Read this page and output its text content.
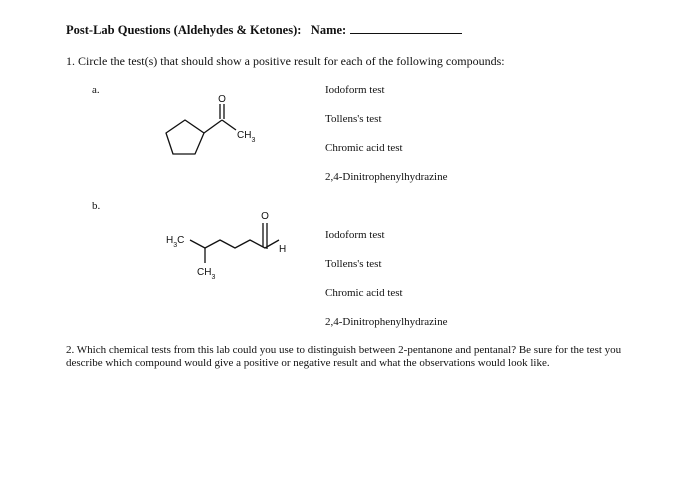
Post-Lab Questions (Aldehydes & Ketones): Name:
1. Circle the test(s) that should show a positive result for each of the following compounds:
a.
O
$CH_3$
Iodoform test
Tollens's test
Chromic acid test
2,4-Dinitrophenylhydrazine
b.
O
$H_3C$
$CH_3$
H
Iodoform test
Tollens's test
Chromic acid test
2,4-Dinitrophenylhydrazine
2. Which chemical tests from this lab could you use to distinguish between 2-pentanone and pentanal? Be sure for the test you describe which compound would give a positive or negative result and what the observations would look like.
